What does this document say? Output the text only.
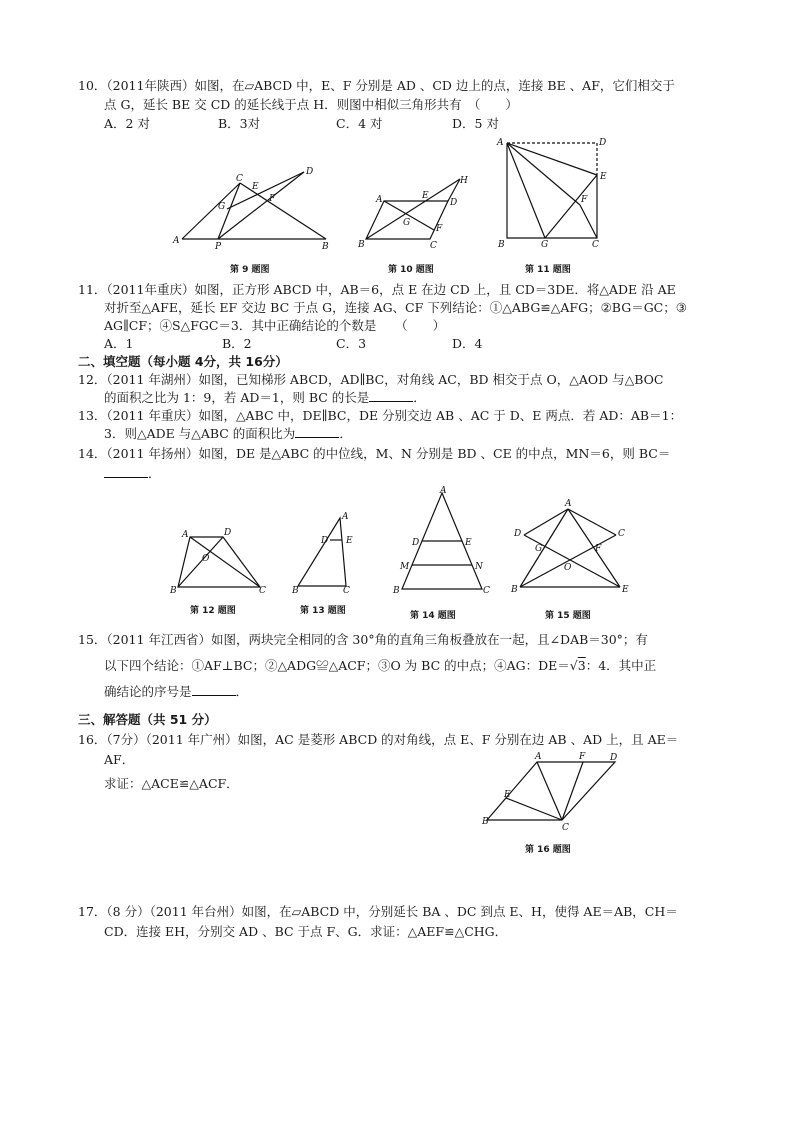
10．（2011年陕西）如图，在▱ABCD 中，E、F 分别是 AD 、CD 边上的点，连接 BE 、AF，它们相交于
点 G，延长 BE 交 CD 的延长线于点 H．则图中相似三角形共有　（　　）
A．2 对	B．3对	C．4 对	D．5 对
C
E
D
G
F
A
P	B
第 9 题图
A	E
H
D
G
F
B	C
第 10 题图
A	D
E
F
B	G	C
第 11 题图
11．（2011年重庆）如图，正方形 ABCD 中，AB＝6，点 E 在边 CD 上，且 CD＝3DE．将△ADE 沿 AE
对折至△AFE，延长 EF 交边 BC 于点 G，连接 AG、CF 下列结论：①△ABG≌△AFG；②BG＝GC；③
AG∥CF；④S△FGC＝3．其中正确结论的个数是　　（　　）
A．1	B．2	C．3	D．4
二、填空题（每小题 4分，共 16分）
12．（2011 年湖州）如图，已知梯形 ABCD，AD∥BC，对角线 AC，BD 相交于点 O，△AOD 与△BOC
的面积之比为 1：9，若 AD＝1，则 BC 的长是	．
13．（2011 年重庆）如图，△ABC 中，DE∥BC，DE 分别交边 AB 、AC 于 D、E 两点．若 AD：AB＝1：
3．则△ADE 与△ABC 的面积比为	．
14．（2011 年扬州）如图，DE 是△ABC 的中位线，M、N 分别是 BD 、CE 的中点，MN＝6，则 BC＝
．
A	D
O
B	C
第 12 题图
A
D E
B	C
第 13 题图
A
D	E
M	N
B	C
第 14 题图
A
D	C
G	F
O
B	E
第 15 题图
15．（2011 年江西省）如图，两块完全相同的含 30°角的直角三角板叠放在一起，且∠DAB＝30°；有
以下四个结论：①AF⊥BC；②△ADG≌△ACF；③O 为 BC 的中点；④AG：DE＝√3：4．其中正
确结论的序号是	．
三、解答题（共 51 分）
16．（7分）（2011 年广州）如图，AC 是菱形 ABCD 的对角线，点 E、F 分别在边 AB 、AD 上，且 AE＝
AF．
求证：△ACE≌△ACF．
A	F	D
E
B
C
第 16 题图
17．（8 分）（2011 年台州）如图，在▱ABCD 中，分别延长 BA 、DC 到点 E、H，使得 AE＝AB，CH＝
CD．连接 EH，分别交 AD 、BC 于点 F、G．求证：△AEF≌△CHG．
